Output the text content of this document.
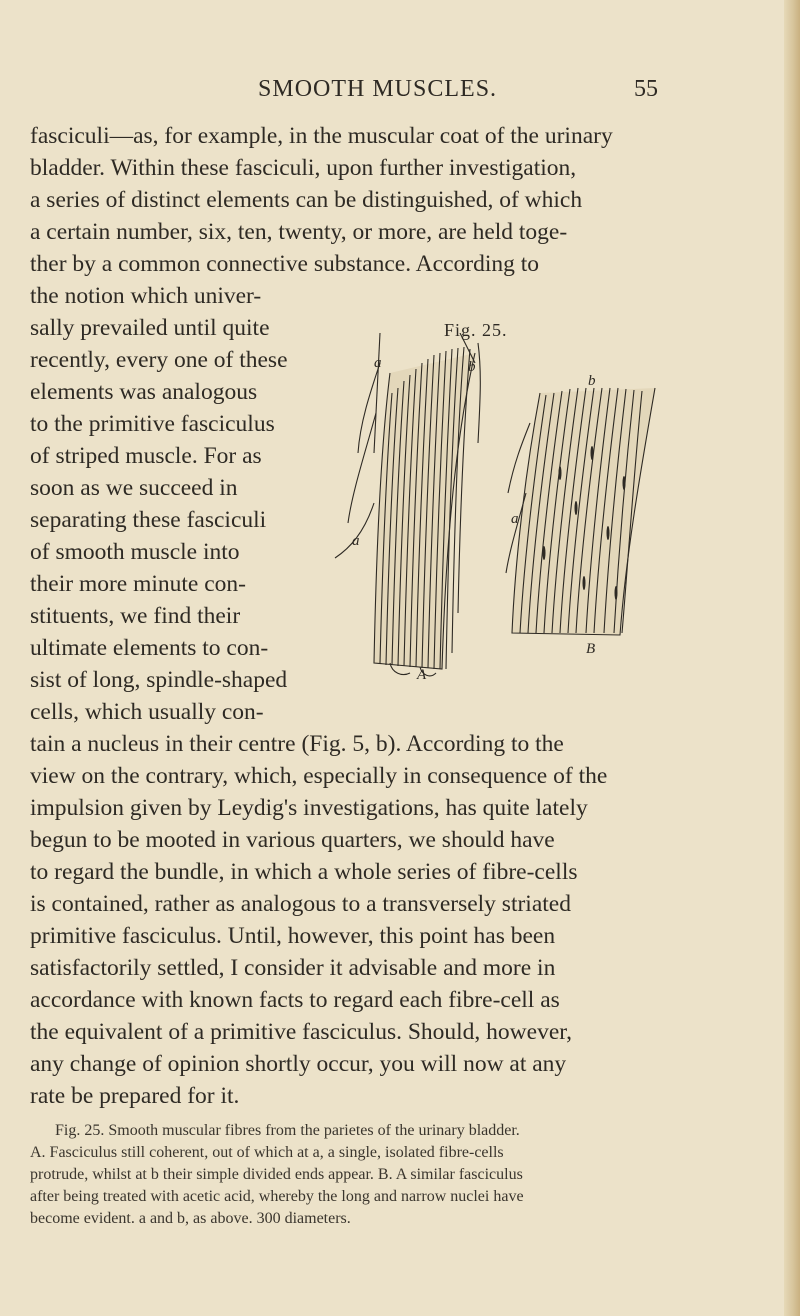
SMOOTH MUSCLES.	55
fasciculi—as, for example, in the muscular coat of the urinary
bladder. Within these fasciculi, upon further investigation,
a series of distinct elements can be distinguished, of which
a certain number, six, ten, twenty, or more, are held toge-
ther by a common connective substance. According to
the notion which univer-
sally prevailed until quite
recently, every one of these
elements was analogous
to the primitive fasciculus
of striped muscle. For as
soon as we succeed in
separating these fasciculi
of smooth muscle into
their more minute con-
stituents, we find their
ultimate elements to con-
sist of long, spindle-shaped
cells, which usually con-
tain a nucleus in their centre (Fig. 5, b). According to the
view on the contrary, which, especially in consequence of the
impulsion given by Leydig's investigations, has quite lately
begun to be mooted in various quarters, we should have
to regard the bundle, in which a whole series of fibre-cells
is contained, rather as analogous to a transversely striated
primitive fasciculus. Until, however, this point has been
satisfactorily settled, I consider it advisable and more in
accordance with known facts to regard each fibre-cell as
the equivalent of a primitive fasciculus. Should, however,
any change of opinion shortly occur, you will now at any
rate be prepared for it.
Fig. 25.
a	b
a
A
b
a
B
Fig. 25. Smooth muscular fibres from the parietes of the urinary bladder.
A. Fasciculus still coherent, out of which at a, a single, isolated fibre-cells
protrude, whilst at b their simple divided ends appear. B. A similar fasciculus
after being treated with acetic acid, whereby the long and narrow nuclei have
become evident. a and b, as above. 300 diameters.
